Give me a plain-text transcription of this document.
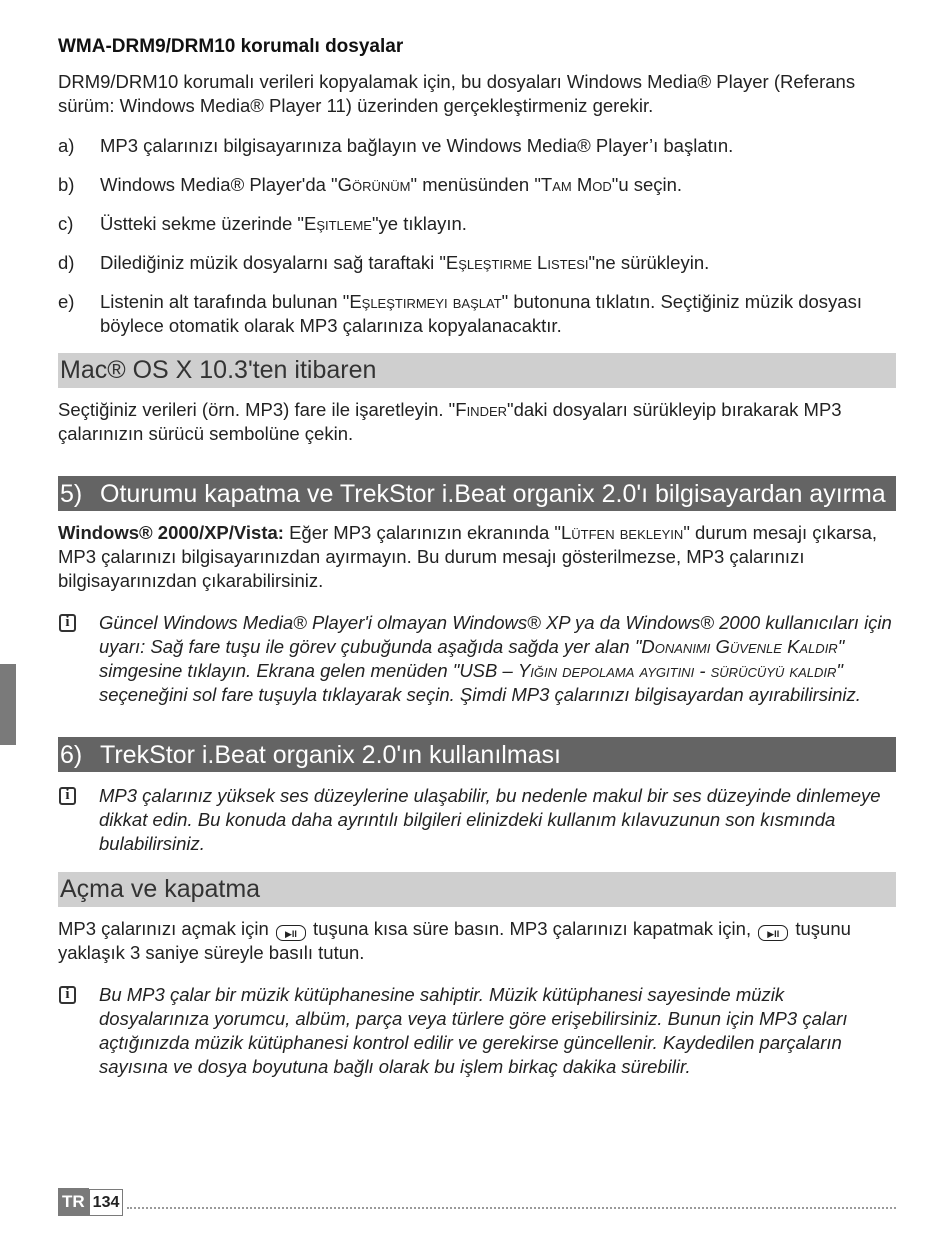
WMA-DRM9/DRM10 korumalı dosyalar

DRM9/DRM10 korumalı verileri kopyalamak için, bu dosyaları Windows Media® Player (Referans sürüm: Windows Media® Player 11) üzerinden gerçekleştirmeniz gerekir.

a)	MP3 çalarınızı bilgisayarınıza bağlayın ve Windows Media® Player’ı başlatın.
b)	Windows Media® Player'da "Görünüm" menüsünden "Tam Mod"u seçin.
c)	Üstteki sekme üzerinde "Eşitleme"ye tıklayın.
d)	Dilediğiniz müzik dosyalarnı sağ taraftaki "Eşleştirme Listesi"ne sürükleyin.
e)	Listenin alt tarafında bulunan "Eşleştirmeyi başlat" butonuna tıklatın. Seçtiğiniz müzik dosyası böylece otomatik olarak MP3 çalarınıza kopyalanacaktır.
Mac® OS X 10.3'ten itibaren

Seçtiğiniz verileri (örn. MP3) fare ile işaretleyin. "Finder"daki dosyaları sürükleyip bırakarak MP3 çalarınızın sürücü sembolüne çekin.

5) Oturumu kapatma ve TrekStor i.Beat organix 2.0'ı bilgisayardan ayırma

Windows® 2000/XP/Vista: Eğer MP3 çalarınızın ekranında "Lütfen bekleyin" durum mesajı çıkarsa, MP3 çalarınızı bilgisayarınızdan ayırmayın. Bu durum mesajı gösterilmezse, MP3 çalarınızı bilgisayarınızdan çıkarabilirsiniz.

i
Güncel Windows Media® Player'i olmayan Windows® XP ya da Windows® 2000 kullanıcıları için uyarı: Sağ fare tuşu ile görev çubuğunda aşağıda sağda yer alan "Donanımı Güvenle Kaldır" simgesine tıklayın. Ekrana gelen menüden "USB – Yığın depolama aygıtını - sürücüyü kaldır" seçeneğini sol fare tuşuyla tıklayarak seçin. Şimdi MP3 çalarınızı bilgisayardan ayırabilirsiniz.
6) TrekStor i.Beat organix 2.0'ın kullanılması
i
MP3 çalarınız yüksek ses düzeylerine ulaşabilir, bu nedenle makul bir ses düzeyinde dinlemeye dikkat edin. Bu konuda daha ayrıntılı bilgileri elinizdeki kullanım kılavuzunun son kısmında bulabilirsiniz.
Açma ve kapatma

MP3 çalarınızı açmak için ▶II tuşuna kısa süre basın. MP3 çalarınızı kapatmak için, ▶II tuşunu yaklaşık 3 saniye süreyle basılı tutun.

i
Bu MP3 çalar bir müzik kütüphanesine sahiptir. Müzik kütüphanesi sayesinde müzik dosyalarınıza yorumcu, albüm, parça veya türlere göre erişebilirsiniz. Bunun için MP3 çaları açtığınızda müzik kütüphanesi kontrol edilir ve gerekirse güncellenir. Kaydedilen parçaların sayısına ve dosya boyutuna bağlı olarak bu işlem birkaç dakika sürebilir.
TR 134
